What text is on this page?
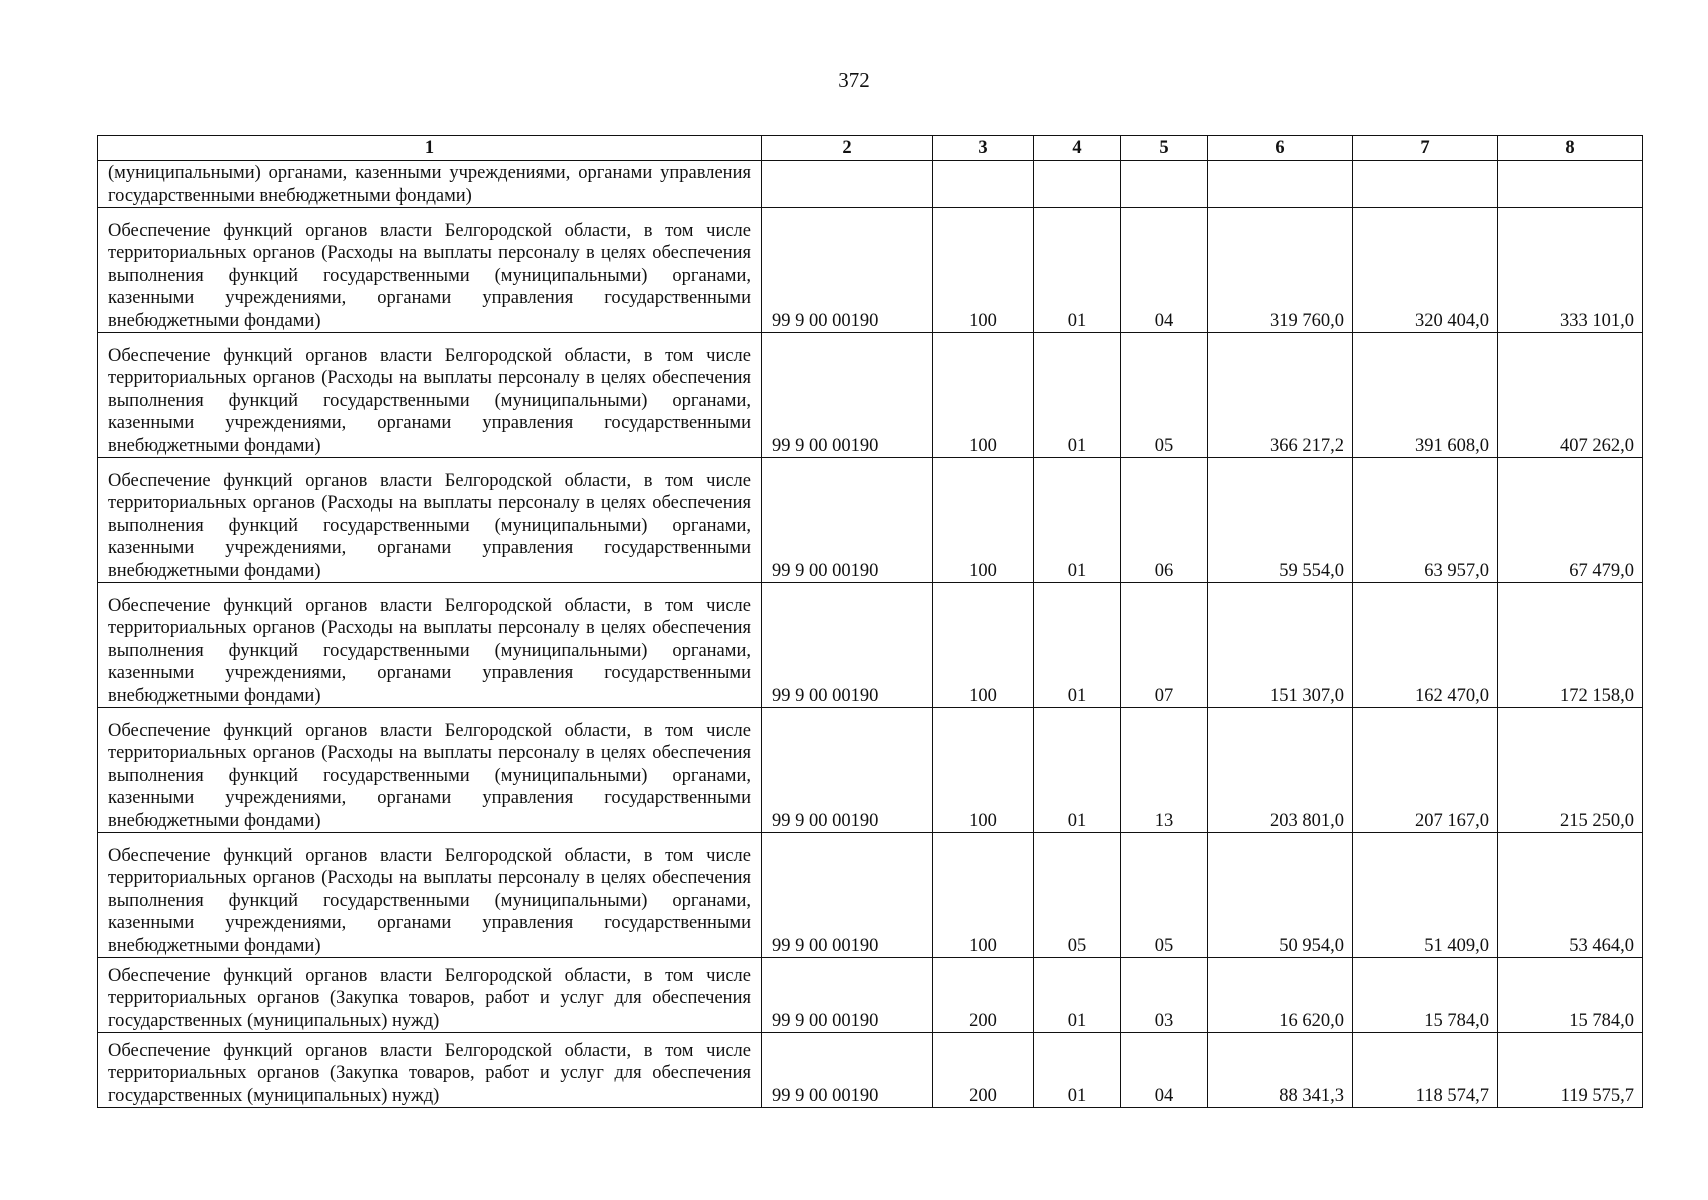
372
1	2	3	4	5	6	7	8
(муниципальными) органами, казенными учреждениями, органами управления государственными внебюджетными фондами)							
Обеспечение функций органов власти Белгородской области, в том числе территориальных органов (Расходы на выплаты персоналу в целях обеспечения выполнения функций государственными (муниципальными) органами, казенными учреждениями, органами управления государственными внебюджетными фондами)	99 9 00 00190	100	01	04	319 760,0	320 404,0	333 101,0
Обеспечение функций органов власти Белгородской области, в том числе территориальных органов (Расходы на выплаты персоналу в целях обеспечения выполнения функций государственными (муниципальными) органами, казенными учреждениями, органами управления государственными внебюджетными фондами)	99 9 00 00190	100	01	05	366 217,2	391 608,0	407 262,0
Обеспечение функций органов власти Белгородской области, в том числе территориальных органов (Расходы на выплаты персоналу в целях обеспечения выполнения функций государственными (муниципальными) органами, казенными учреждениями, органами управления государственными внебюджетными фондами)	99 9 00 00190	100	01	06	59 554,0	63 957,0	67 479,0
Обеспечение функций органов власти Белгородской области, в том числе территориальных органов (Расходы на выплаты персоналу в целях обеспечения выполнения функций государственными (муниципальными) органами, казенными учреждениями, органами управления государственными внебюджетными фондами)	99 9 00 00190	100	01	07	151 307,0	162 470,0	172 158,0
Обеспечение функций органов власти Белгородской области, в том числе территориальных органов (Расходы на выплаты персоналу в целях обеспечения выполнения функций государственными (муниципальными) органами, казенными учреждениями, органами управления государственными внебюджетными фондами)	99 9 00 00190	100	01	13	203 801,0	207 167,0	215 250,0
Обеспечение функций органов власти Белгородской области, в том числе территориальных органов (Расходы на выплаты персоналу в целях обеспечения выполнения функций государственными (муниципальными) органами, казенными учреждениями, органами управления государственными внебюджетными фондами)	99 9 00 00190	100	05	05	50 954,0	51 409,0	53 464,0
Обеспечение функций органов власти Белгородской области, в том числе территориальных органов (Закупка товаров, работ и услуг для обеспечения государственных (муниципальных) нужд)	99 9 00 00190	200	01	03	16 620,0	15 784,0	15 784,0
Обеспечение функций органов власти Белгородской области, в том числе территориальных органов (Закупка товаров, работ и услуг для обеспечения государственных (муниципальных) нужд)	99 9 00 00190	200	01	04	88 341,3	118 574,7	119 575,7
